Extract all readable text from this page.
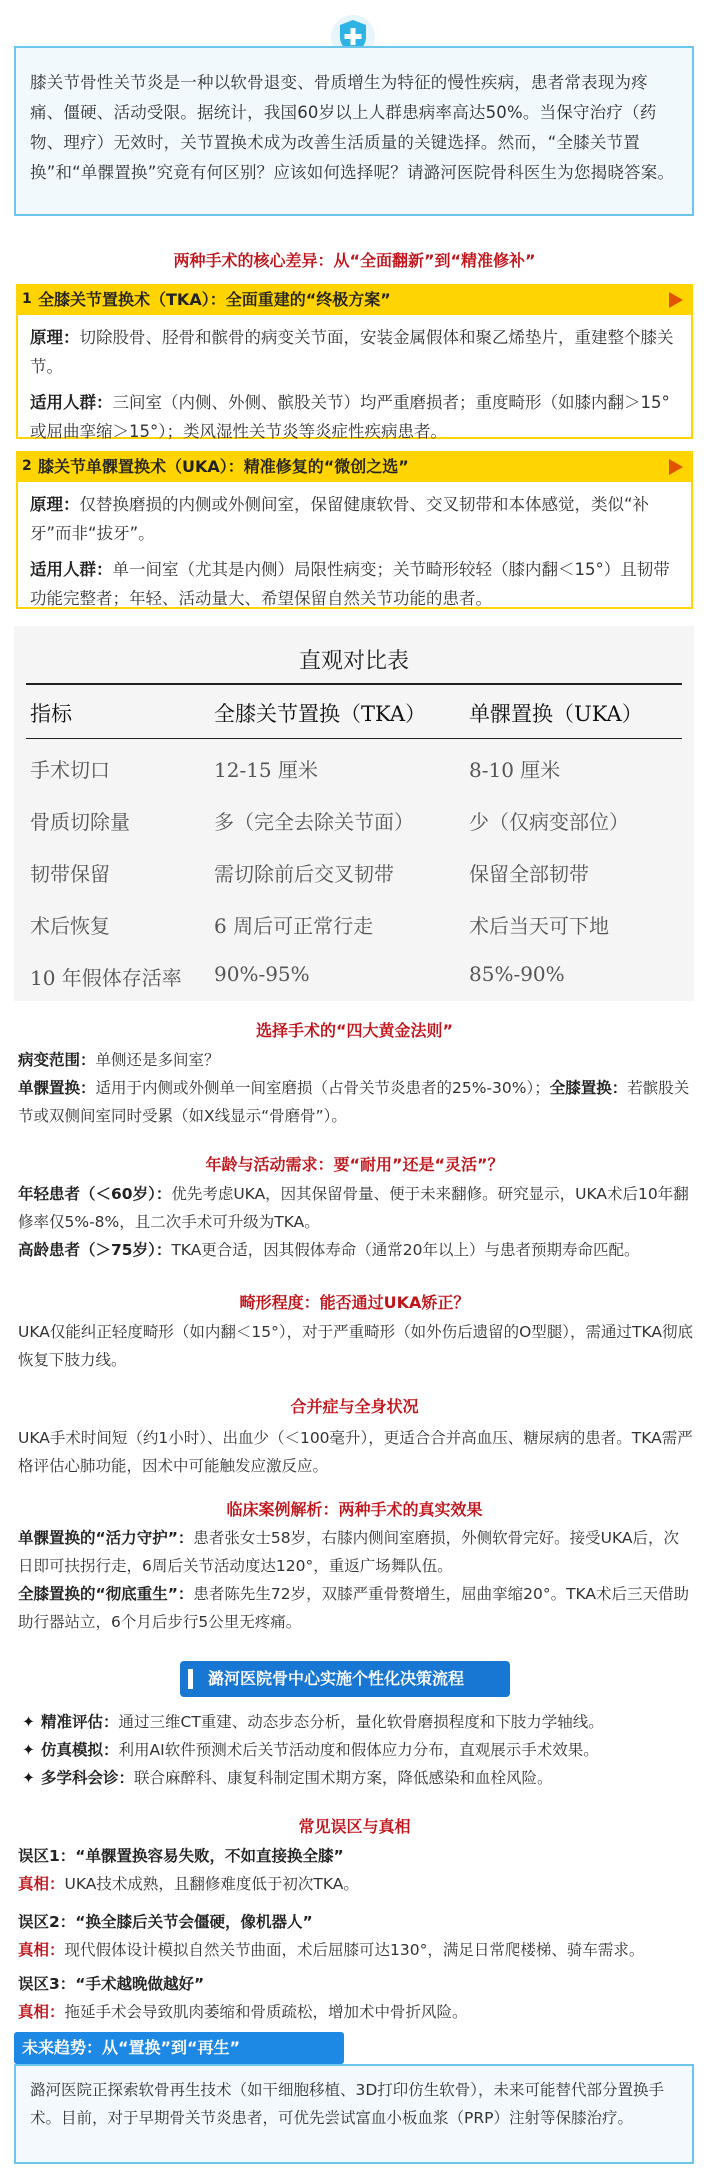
膝关节骨性关节炎是一种以软骨退变、骨质增生为特征的慢性疾病，患者常表现为疼痛、僵硬、活动受限。据统计，我国60岁以上人群患病率高达50%。当保守治疗（药物、理疗）无效时，关节置换术成为改善生活质量的关键选择。然而，“全膝关节置换”和“单髁置换”究竟有何区别？应该如何选择呢？请潞河医院骨科医生为您揭晓答案。
两种手术的核心差异：从“全面翻新”到“精准修补”
1 全膝关节置换术（TKA）：全面重建的“终极方案”

原理：切除股骨、胫骨和髌骨的病变关节面，安装金属假体和聚乙烯垫片，重建整个膝关节。

适用人群：三间室（内侧、外侧、髌股关节）均严重磨损者；重度畸形（如膝内翻＞15°或屈曲挛缩＞15°）；类风湿性关节炎等炎症性疾病患者。

2 膝关节单髁置换术（UKA）：精准修复的“微创之选”

原理：仅替换磨损的内侧或外侧间室，保留健康软骨、交叉韧带和本体感觉，类似“补牙”而非“拔牙”。

适用人群：单一间室（尤其是内侧）局限性病变；关节畸形较轻（膝内翻＜15°）且韧带功能完整者；年轻、活动量大、希望保留自然关节功能的患者。

直观对比表
指标	全膝关节置换（TKA） 单髁置换（UKA）
手术切口	12-15 厘米	8-10 厘米
骨质切除量	多（完全去除关节面）	少（仅病变部位）
韧带保留	需切除前后交叉韧带	保留全部韧带
术后恢复	6 周后可正常行走	术后当天可下地
10 年假体存活率 90%-95%	85%-90%
选择手术的“四大黄金法则”

病变范围：单侧还是多间室？

单髁置换：适用于内侧或外侧单一间室磨损（占骨关节炎患者的25%-30%）；全膝置换：若髌股关节或双侧间室同时受累（如X线显示“骨磨骨”）。

年龄与活动需求：要“耐用”还是“灵活”？

年轻患者（＜60岁）：优先考虑UKA，因其保留骨量、便于未来翻修。研究显示，UKA术后10年翻修率仅5%-8%，且二次手术可升级为TKA。

高龄患者（＞75岁）：TKA更合适，因其假体寿命（通常20年以上）与患者预期寿命匹配。

畸形程度：能否通过UKA矫正？

UKA仅能纠正轻度畸形（如内翻＜15°），对于严重畸形（如外伤后遗留的O型腿），需通过TKA彻底恢复下肢力线。

合并症与全身状况

UKA手术时间短（约1小时）、出血少（＜100毫升），更适合合并高血压、糖尿病的患者。TKA需严格评估心肺功能，因术中可能触发应激反应。

临床案例解析：两种手术的真实效果

单髁置换的“活力守护”：患者张女士58岁，右膝内侧间室磨损，外侧软骨完好。接受UKA后，次日即可扶拐行走，6周后关节活动度达120°，重返广场舞队伍。

全膝置换的“彻底重生”：患者陈先生72岁，双膝严重骨赘增生，屈曲挛缩20°。TKA术后三天借助助行器站立，6个月后步行5公里无疼痛。

潞河医院骨中心实施个性化决策流程
✦ 精准评估：通过三维CT重建、动态步态分析，量化软骨磨损程度和下肢力学轴线。
✦ 仿真模拟：利用AI软件预测术后关节活动度和假体应力分布，直观展示手术效果。
✦ 多学科会诊：联合麻醉科、康复科制定围术期方案，降低感染和血栓风险。
常见误区与真相

误区1：“单髁置换容易失败，不如直接换全膝”

真相：UKA技术成熟，且翻修难度低于初次TKA。

误区2：“换全膝后关节会僵硬，像机器人”

真相：现代假体设计模拟自然关节曲面，术后屈膝可达130°，满足日常爬楼梯、骑车需求。

误区3：“手术越晚做越好”

真相：拖延手术会导致肌肉萎缩和骨质疏松，增加术中骨折风险。

未来趋势：从“置换”到“再生”
潞河医院正探索软骨再生技术（如干细胞移植、3D打印仿生软骨），未来可能替代部分置换手术。目前，对于早期骨关节炎患者，可优先尝试富血小板血浆（PRP）注射等保膝治疗。
